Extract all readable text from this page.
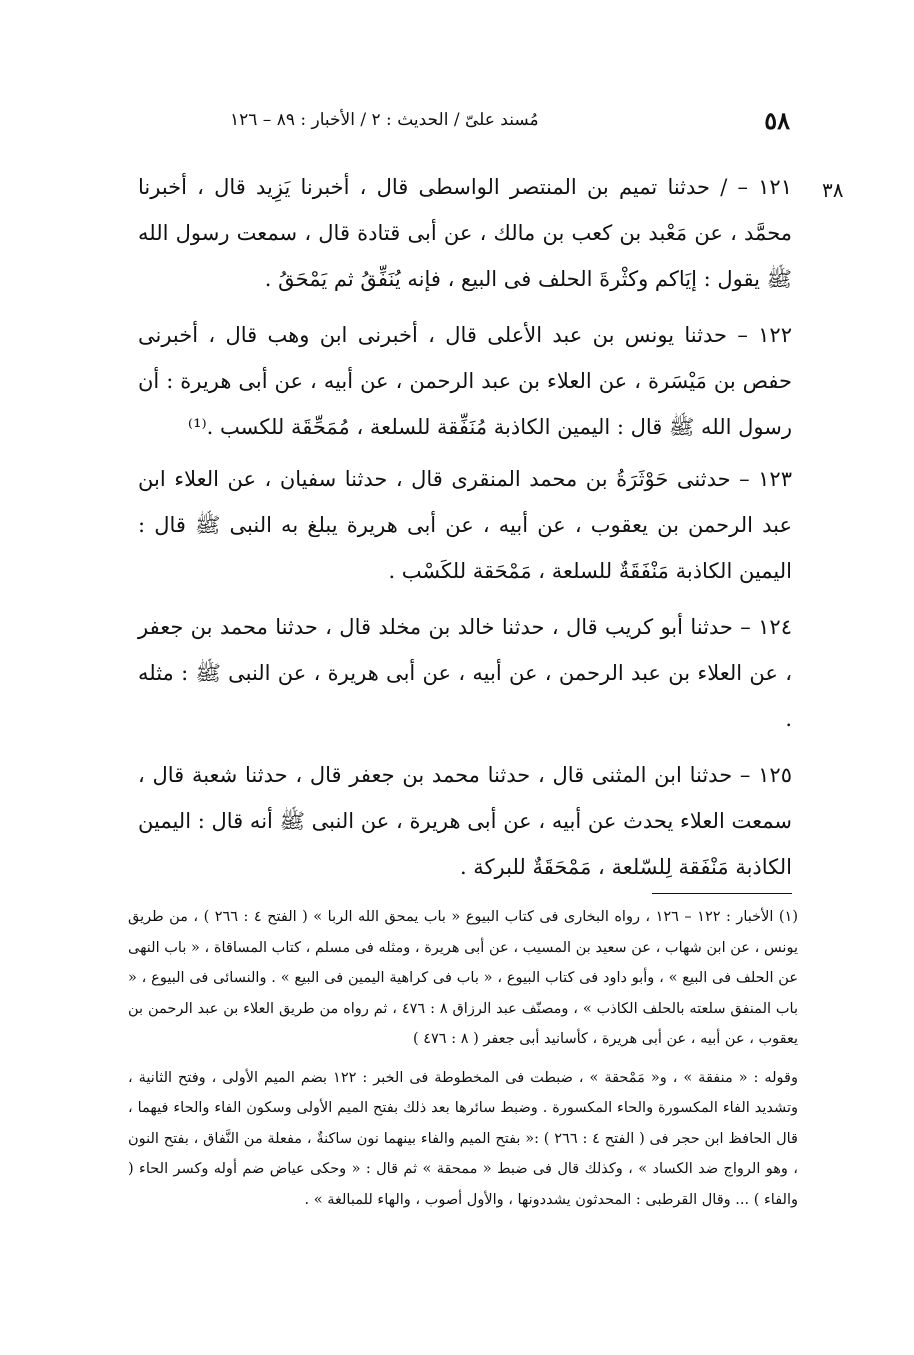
٥٨
مُسند علىّ / الحديث : ٢ / الأخبار : ٨٩ – ١٢٦
٣٨

١٢١ – / حدثنا تميم بن المنتصر الواسطى قال ، أخبرنا يَزِيد قال ، أخبرنا محمَّد ، عن مَعْبد بن كعب بن مالك ، عن أبى قتادة قال ، سمعت رسول الله ﷺ يقول : إيَاكم وكثْرةَ الحلف فى البيع ، فإنه يُنَفِّقُ ثم يَمْحَقُ .

١٢٢ – حدثنا يونس بن عبد الأعلى قال ، أخبرنى ابن وهب قال ، أخبرنى حفص بن مَيْسَرة ، عن العلاء بن عبد الرحمن ، عن أبيه ، عن أبى هريرة : أن رسول الله ﷺ قال : اليمين الكاذبة مُنَفِّقة للسلعة ، مُمَحِّقَة للكسب .⁽¹⁾

١٢٣ – حدثنى حَوْثَرَةُ بن محمد المنقرى قال ، حدثنا سفيان ، عن العلاء ابن عبد الرحمن بن يعقوب ، عن أبيه ، عن أبى هريرة يبلغ به النبى ﷺ قال : اليمين الكاذبة مَنْفَقَةٌ للسلعة ، مَمْحَقة للكَسْب .

١٢٤ – حدثنا أبو كريب قال ، حدثنا خالد بن مخلد قال ، حدثنا محمد بن جعفر ، عن العلاء بن عبد الرحمن ، عن أبيه ، عن أبى هريرة ، عن النبى ﷺ : مثله .

١٢٥ – حدثنا ابن المثنى قال ، حدثنا محمد بن جعفر قال ، حدثنا شعبة قال ، سمعت العلاء يحدث عن أبيه ، عن أبى هريرة ، عن النبى ﷺ أنه قال : اليمين الكاذبة مَنْفَقة لِلسّلعة ، مَمْحَقَةٌ للبركة .

(١) الأخبار : ١٢٢ – ١٢٦ ، رواه البخارى فى كتاب البيوع « باب يمحق الله الربا » ( الفتح ٤ : ٢٦٦ ) ، من طريق يونس ، عن ابن شهاب ، عن سعيد بن المسيب ، عن أبى هريرة ، ومثله فى مسلم ، كتاب المساقاة ، « باب النهى عن الحلف فى البيع » ، وأبو داود فى كتاب البيوع ، « باب فى كراهية اليمين فى البيع » . والنسائى فى البيوع ، « باب المنفق سلعته بالحلف الكاذب » ، ومصنّف عبد الرزاق ٨ : ٤٧٦ ، ثم رواه من طريق العلاء بن عبد الرحمن بن يعقوب ، عن أبيه ، عن أبى هريرة ، كأسانيد أبى جعفر ( ٨ : ٤٧٦ )

وقوله : « منفقة » ، و« مَمْحقة » ، ضبطت فى المخطوطة فى الخبر : ١٢٢ بضم الميم الأولى ، وفتح الثانية ، وتشديد الفاء المكسورة والحاء المكسورة . وضبط سائرها بعد ذلك بفتح الميم الأولى وسكون الفاء والحاء فيهما ، قال الحافظ ابن حجر فى ( الفتح ٤ : ٢٦٦ ) :« بفتح الميم والفاء بينهما نون ساكنةٌ ، مفعلة من النَّفاق ، بفتح النون ، وهو الرواج ضد الكساد » ، وكذلك قال فى ضبط « ممحقة » ثم قال : « وحكى عياض ضم أوله وكسر الحاء ( والفاء ) ... وقال القرطبى : المحدثون يشددونها ، والأول أصوب ، والهاء للمبالغة » .
